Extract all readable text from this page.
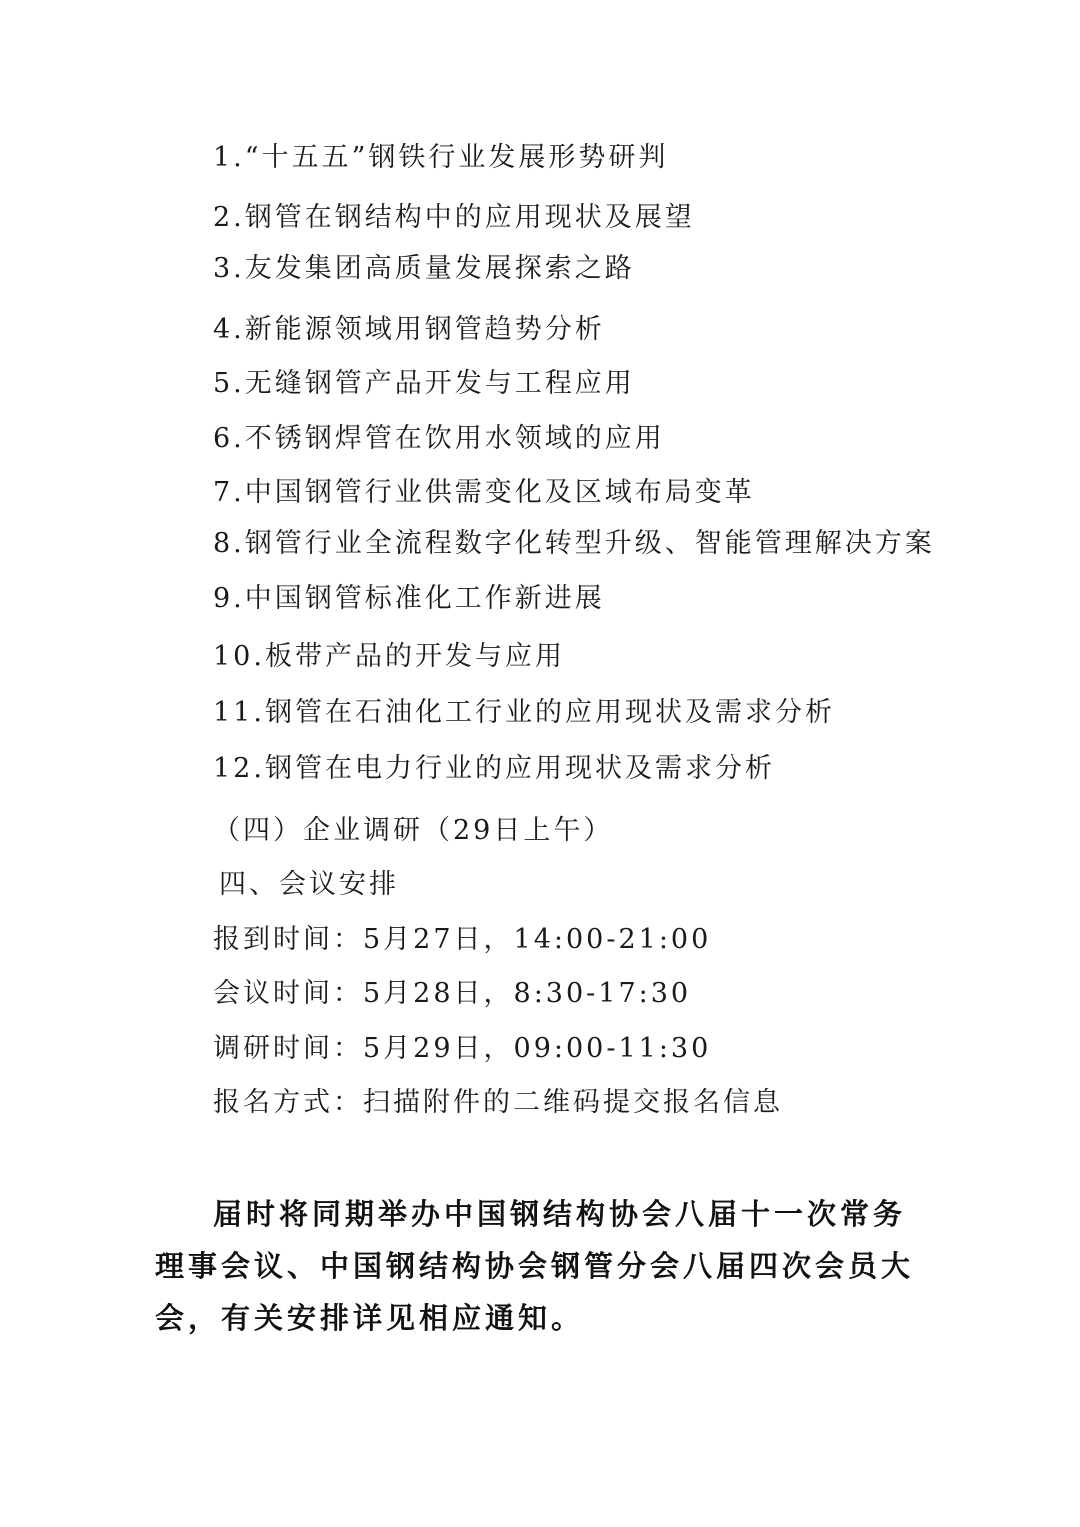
1.“十五五”钢铁行业发展形势研判
2.钢管在钢结构中的应用现状及展望
3.友发集团高质量发展探索之路
4.新能源领域用钢管趋势分析
5.无缝钢管产品开发与工程应用
6.不锈钢焊管在饮用水领域的应用
7.中国钢管行业供需变化及区域布局变革
8.钢管行业全流程数字化转型升级、智能管理解决方案
9.中国钢管标准化工作新进展
10.板带产品的开发与应用
11.钢管在石油化工行业的应用现状及需求分析
12.钢管在电力行业的应用现状及需求分析
（四）企业调研（29日上午）
四、会议安排
报到时间：5月27日，14:00-21:00
会议时间：5月28日，8:30-17:30
调研时间：5月29日，09:00-11:30
报名方式：扫描附件的二维码提交报名信息
届时将同期举办中国钢结构协会八届十一次常务理事会议、中国钢结构协会钢管分会八届四次会员大会，有关安排详见相应通知。
